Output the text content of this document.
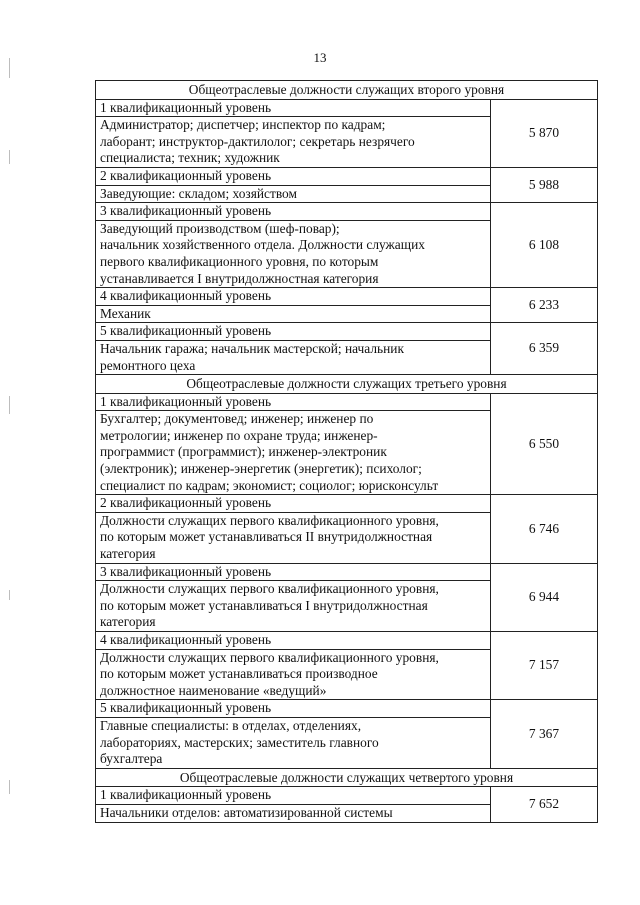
13
Общеотраслевые должности служащих второго уровня	
1 квалификационный уровень	5 870

Администратор; диспетчер; инспектор по кадрам;
лаборант; инструктор-дактилолог; секретарь незрячего
специалиста; техник; художник	

2 квалификационный уровень	5 988

Заведующие: складом; хозяйством	

3 квалификационный уровень	6 108

Заведующий производством (шеф-повар);
начальник хозяйственного отдела. Должности служащих
первого квалификационного уровня, по которым
устанавливается I внутридолжностная категория	

4 квалификационный уровень	6 233

Механик	

5 квалификационный уровень	6 359

Начальник гаража; начальник мастерской; начальник
ремонтного цеха	

Общеотраслевые должности служащих третьего уровня	
1 квалификационный уровень	6 550

Бухгалтер; документовед; инженер; инженер по
метрологии; инженер по охране труда; инженер-
программист (программист); инженер-электроник
(электроник); инженер-энергетик (энергетик); психолог;
специалист по кадрам; экономист; социолог; юрисконсульт	

2 квалификационный уровень	6 746

Должности служащих первого квалификационного уровня,
по которым может устанавливаться II внутридолжностная
категория	

3 квалификационный уровень	6 944

Должности служащих первого квалификационного уровня,
по которым может устанавливаться I внутридолжностная
категория	

4 квалификационный уровень	7 157

Должности служащих первого квалификационного уровня,
по которым может устанавливаться производное
должностное наименование «ведущий»	

5 квалификационный уровень	7 367

Главные специалисты: в отделах, отделениях,
лабораториях, мастерских; заместитель главного
бухгалтера	

Общеотраслевые должности служащих четвертого уровня	
1 квалификационный уровень	7 652

Начальники отделов: автоматизированной системы	
